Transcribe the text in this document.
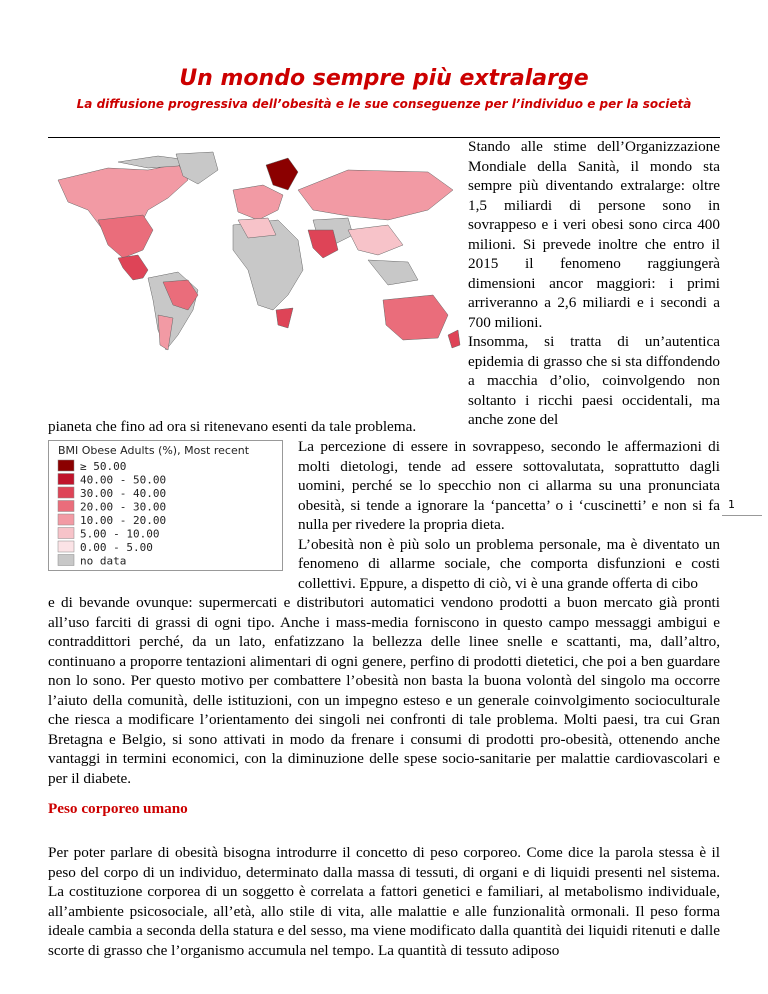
Un mondo sempre più extralarge
La diffusione progressiva dell’obesità e le sue conseguenze per l’individuo e per la società

Stando alle stime dell’Organizzazione Mondiale della Sanità, il mondo sta sempre più diventando extralarge: oltre 1,5 miliardi di persone sono in sovrappeso e i veri obesi sono circa 400 milioni. Si prevede inoltre che entro il 2015 il fenomeno raggiungerà dimensioni ancor maggiori: i primi arriveranno a 2,6 miliardi e i secondi a 700 milioni.

Insomma, si tratta di un’autentica epidemia di grasso che si sta diffondendo a macchia d’olio, coinvolgendo non soltanto i ricchi paesi occidentali, ma anche zone del

pianeta che fino ad ora si ritenevano esenti da tale problema.
BMI Obese Adults (%), Most recent
≥ 50.00
40.00 - 50.00
30.00 - 40.00
20.00 - 30.00
10.00 - 20.00
5.00 - 10.00
0.00 - 5.00
no data

La percezione di essere in sovrappeso, secondo le affermazioni di molti dietologi, tende ad essere sottovalutata, soprattutto dagli uomini, perché se lo specchio non ci allarma su una pronunciata obesità, si tende a ignorare la ‘pancetta’ o i ‘cuscinetti’ e non si fa nulla per rivedere la propria dieta.

L’obesità non è più solo un problema personale, ma è diventato un fenomeno di allarme sociale, che comporta disfunzioni e costi collettivi. Eppure, a dispetto di ciò, vi è una grande offerta di cibo

e di bevande ovunque: supermercati e distributori automatici vendono prodotti a buon mercato già pronti all’uso farciti di grassi di ogni tipo. Anche i mass-media forniscono in questo campo messaggi ambigui e contraddittori perché, da un lato, enfatizzano la bellezza delle linee snelle e scattanti, ma, dall’altro, continuano a proporre tentazioni alimentari di ogni genere, perfino di prodotti dietetici, che poi a ben guardare non lo sono. Per questo motivo per combattere l’obesità non basta la buona volontà del singolo ma occorre l’aiuto della comunità, delle istituzioni, con un impegno esteso e un generale coinvolgimento socioculturale che riesca a modificare l’orientamento dei singoli nei confronti di tale problema. Molti paesi, tra cui Gran Bretagna e Belgio, si sono attivati in modo da frenare i consumi di prodotti pro-obesità, ottenendo anche vantaggi in termini economici, con la diminuzione delle spese socio-sanitarie per malattie cardiovascolari e per il diabete.

Peso corporeo umano

Per poter parlare di obesità bisogna introdurre il concetto di peso corporeo. Come dice la parola stessa è il peso del corpo di un individuo, determinato dalla massa di tessuti, di organi e di liquidi presenti nel sistema. La costituzione corporea di un soggetto è correlata a fattori genetici e familiari, al metabolismo individuale, all’ambiente psicosociale, all’età, allo stile di vita, alle malattie e alle funzionalità ormonali. Il peso forma ideale cambia a seconda della statura e del sesso, ma viene modificato dalla quantità dei liquidi ritenuti e dalle scorte di grasso che l’organismo accumula nel tempo. La quantità di tessuto adiposo

1
